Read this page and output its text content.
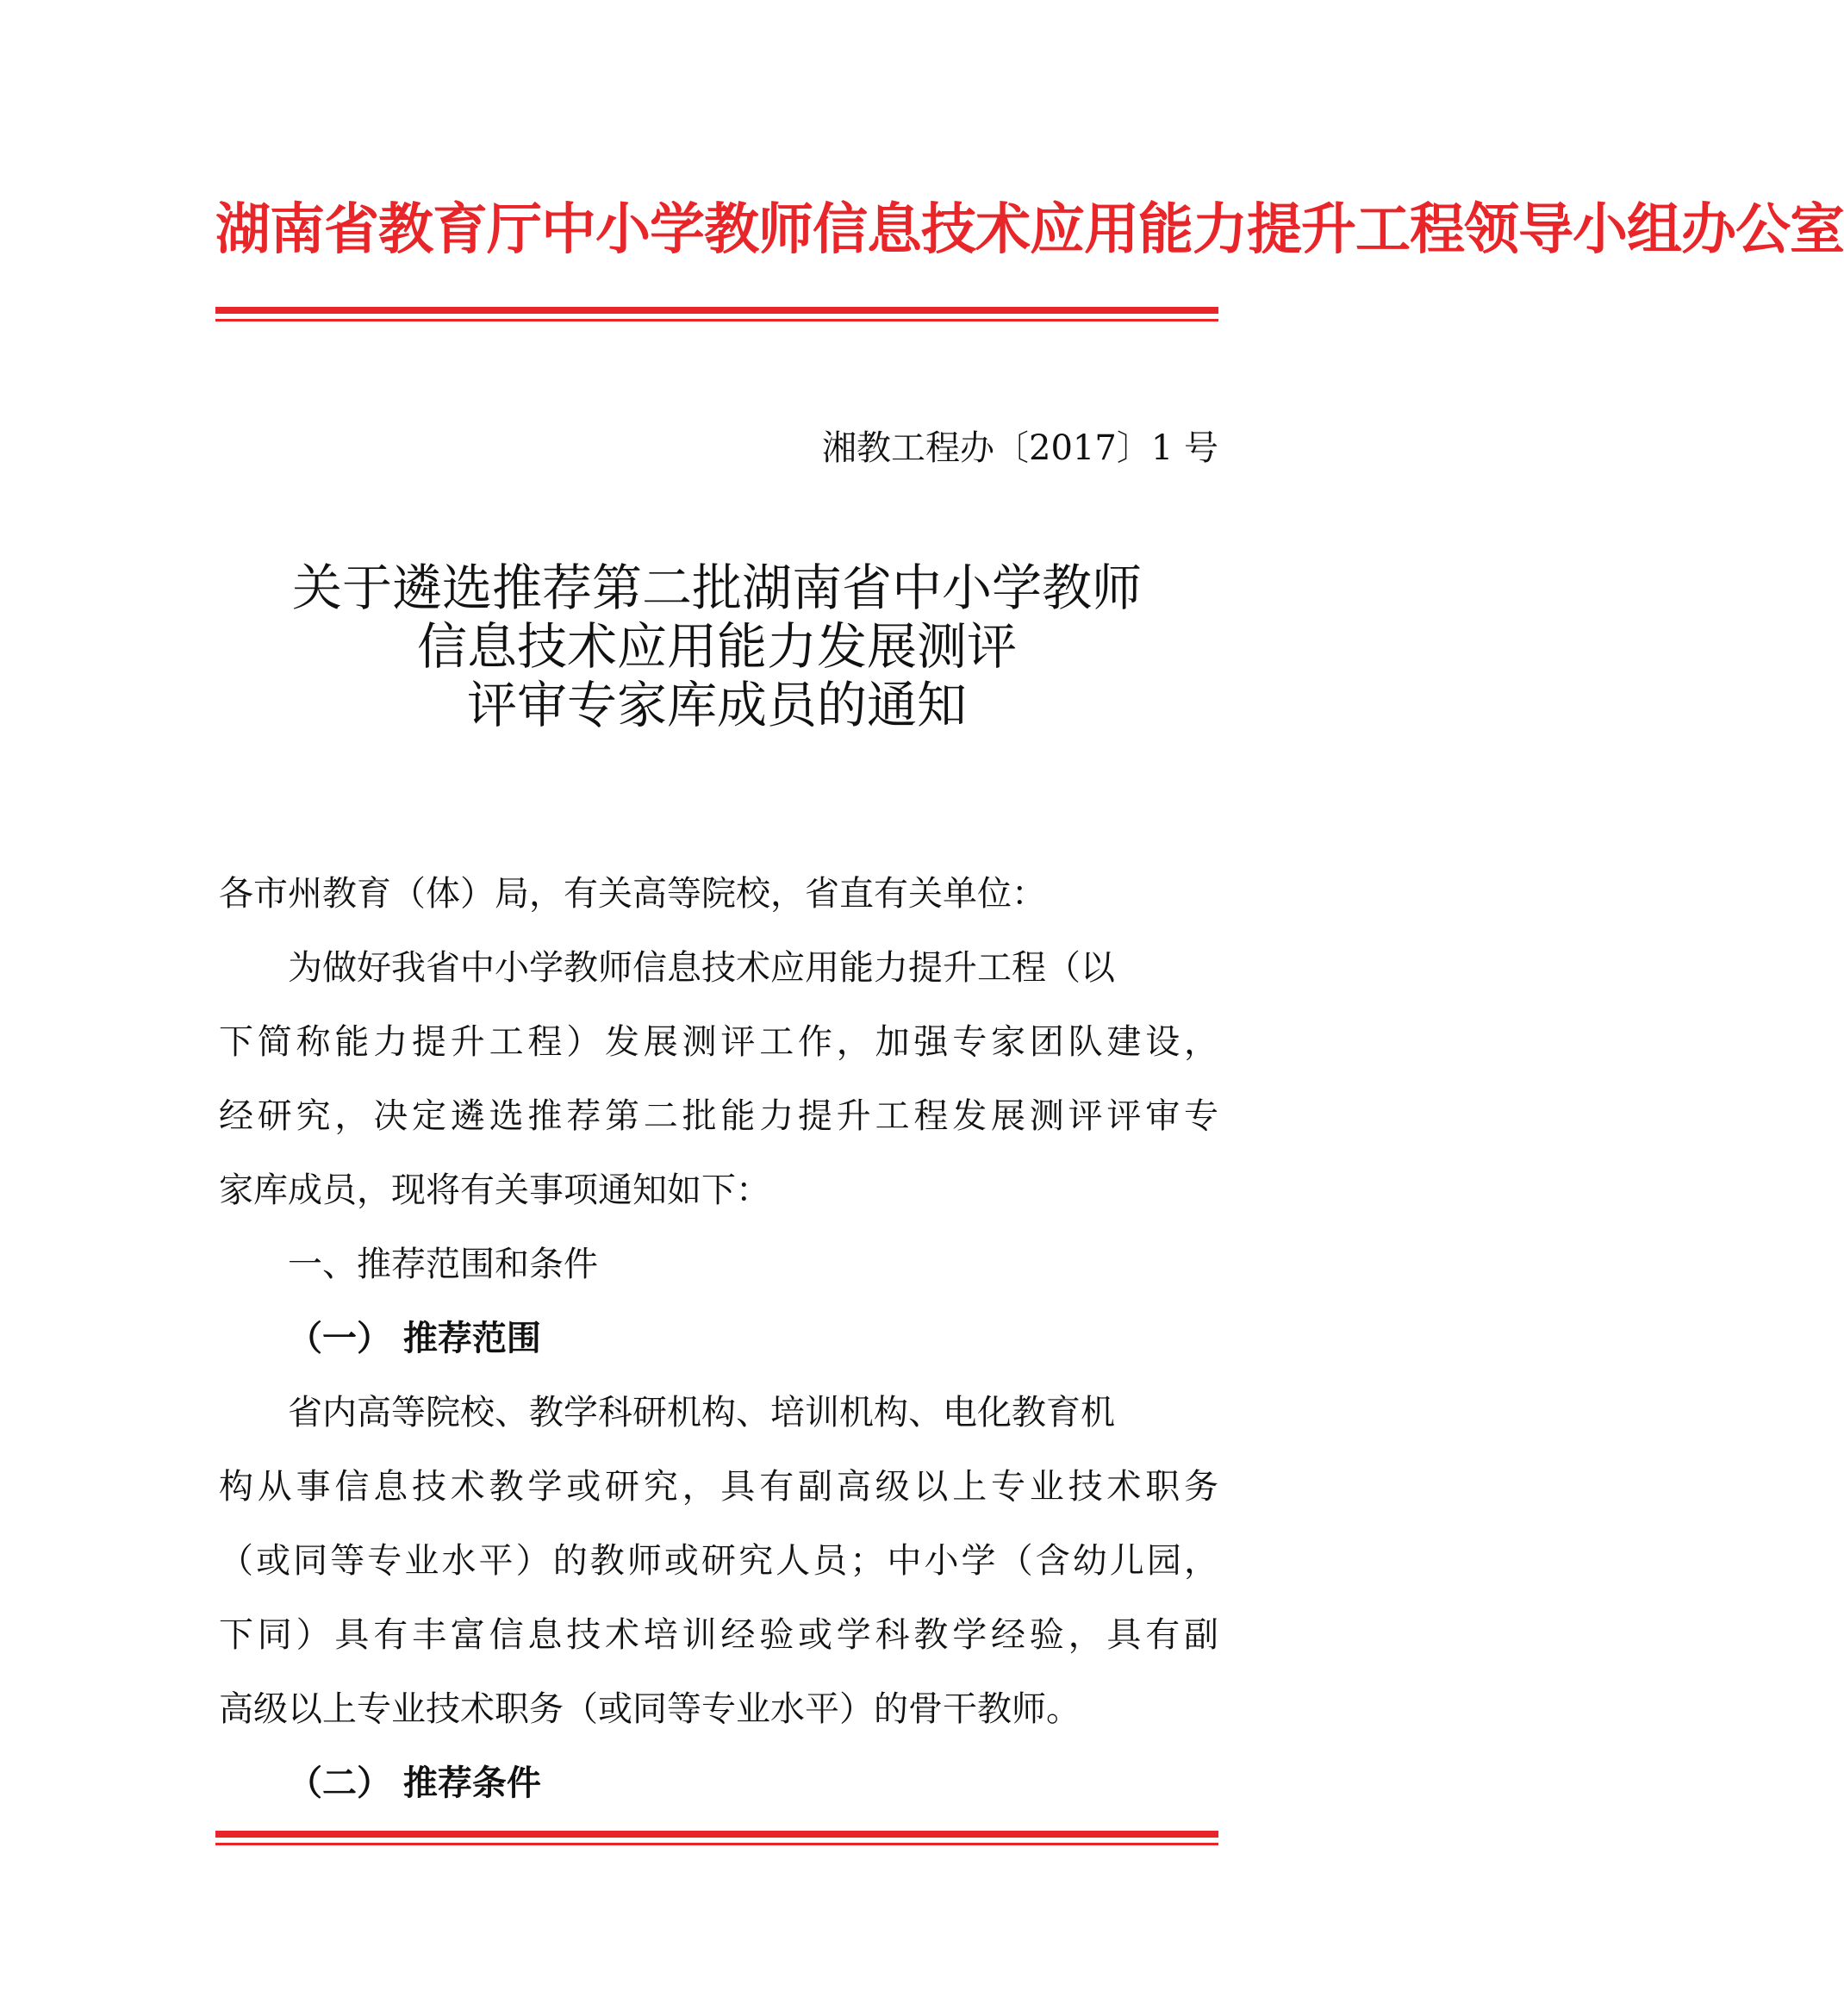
湖南省教育厅中小学教师信息技术应用能力提升工程领导小组办公室
湘教工程办〔2017〕1 号
关于遴选推荐第二批湖南省中小学教师
信息技术应用能力发展测评
评审专家库成员的通知
各市州教育（体）局，有关高等院校，省直有关单位：
为做好我省中小学教师信息技术应用能力提升工程（以
下简称能力提升工程）发展测评工作，加强专家团队建设，
经研究，决定遴选推荐第二批能力提升工程发展测评评审专
家库成员，现将有关事项通知如下：
一、推荐范围和条件
（一） 推荐范围
省内高等院校、教学科研机构、培训机构、电化教育机
构从事信息技术教学或研究，具有副高级以上专业技术职务
（或同等专业水平）的教师或研究人员；中小学（含幼儿园，
下同）具有丰富信息技术培训经验或学科教学经验，具有副
高级以上专业技术职务（或同等专业水平）的骨干教师。
（二） 推荐条件
